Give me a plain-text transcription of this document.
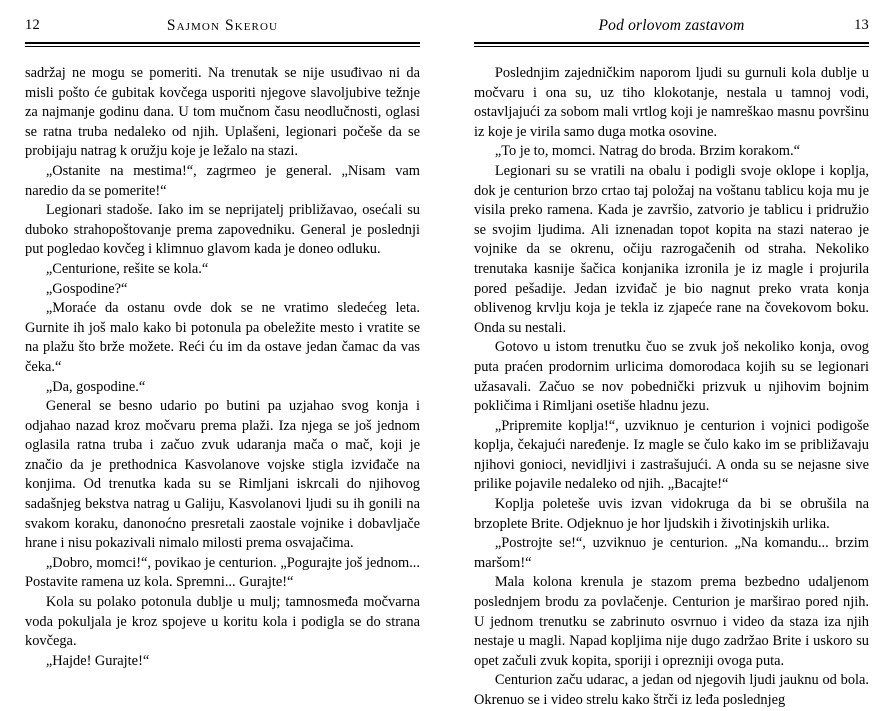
12	Sajmon Skerou

sadržaj ne mogu se pomeriti. Na trenutak se nije usuđivao ni da misli pošto će gubitak kovčega usporiti njegove slavoljubive težnje za najmanje godinu dana. U tom mučnom času neodlučnosti, oglasi se ratna truba nedaleko od njih. Uplašeni, legionari počeše da se probijaju natrag k oružju koje je ležalo na stazi.

„Ostanite na mestima!“, zagrmeo je general. „Nisam vam naredio da se pomerite!“

Legionari stadoše. Iako im se neprijatelj približavao, osećali su duboko strahopoštovanje prema zapovedniku. General je poslednji put pogledao kovčeg i klimnuo glavom kada je doneo odluku.

„Centurione, rešite se kola.“

„Gospodine?“

„Moraće da ostanu ovde dok se ne vratimo sledećeg leta. Gurnite ih još malo kako bi potonula pa obeležite mesto i vratite se na plažu što brže možete. Reći ću im da ostave jedan čamac da vas čeka.“

„Da, gospodine.“

General se besno udario po butini pa uzjahao svog konja i odjahao nazad kroz močvaru prema plaži. Iza njega se još jednom oglasila ratna truba i začuo zvuk udaranja mača o mač, koji je značio da je prethodnica Kasvolanove vojske stigla izviđače na konjima. Od trenutka kada su se Rimljani iskrcali do njihovog sadašnjeg bekstva natrag u Galiju, Kasvolanovi ljudi su ih gonili na svakom koraku, danonoćno presretali zaostale vojnike i dobavljače hrane i nisu pokazivali nimalo milosti prema osvajačima.

„Dobro, momci!“, povikao je centurion. „Pogurajte još jednom... Postavite ramena uz kola. Spremni... Gurajte!“

Kola su polako potonula dublje u mulj; tamnosmeđa močvarna voda pokuljala je kroz spojeve u koritu kola i podigla se do strana kovčega.

„Hajde! Gurajte!“

Pod orlovom zastavom	13

Poslednjim zajedničkim naporom ljudi su gurnuli kola dublje u močvaru i ona su, uz tiho klokotanje, nestala u tamnoj vodi, ostavljajući za sobom mali vrtlog koji je namreškao masnu površinu iz koje je virila samo duga motka osovine.

„To je to, momci. Natrag do broda. Brzim korakom.“

Legionari su se vratili na obalu i podigli svoje oklope i koplja, dok je centurion brzo crtao taj položaj na voštanu tablicu koja mu je visila preko ramena. Kada je završio, zatvorio je tablicu i pridružio se svojim ljudima. Ali iznenadan topot kopita na stazi naterao je vojnike da se okrenu, očiju razrogačenih od straha. Nekoliko trenutaka kasnije šačica konjanika izronila je iz magle i projurila pored pešadije. Jedan izviđač je bio nagnut preko vrata konja oblivenog krvlju koja je tekla iz zjapeće rane na čovekovom boku. Onda su nestali.

Gotovo u istom trenutku čuo se zvuk još nekoliko konja, ovog puta praćen prodornim urlicima domorodaca kojih su se legionari užasavali. Začuo se nov pobednički prizvuk u njihovim bojnim pokličima i Rimljani osetiše hladnu jezu.

„Pripremite koplja!“, uzviknuo je centurion i vojnici podigoše koplja, čekajući naređenje. Iz magle se čulo kako im se približavaju njihovi gonioci, nevidljivi i zastrašujući. A onda su se nejasne sive prilike pojavile nedaleko od njih. „Bacajte!“

Koplja poleteše uvis izvan vidokruga da bi se obrušila na brzoplete Brite. Odjeknuo je hor ljudskih i životinjskih urlika.

„Postrojte se!“, uzviknuo je centurion. „Na komandu... brzim maršom!“

Mala kolona krenula je stazom prema bezbedno udaljenom poslednjem brodu za povlačenje. Centurion je marširao pored njih. U jednom trenutku se zabrinuto osvrnuo i video da staza iza njih nestaje u magli. Napad kopljima nije dugo zadržao Brite i uskoro su opet začuli zvuk kopita, sporiji i oprezniji ovoga puta.

Centurion začu udarac, a jedan od njegovih ljudi jauknu od bola. Okrenuo se i video strelu kako štrči iz leđa poslednjeg
